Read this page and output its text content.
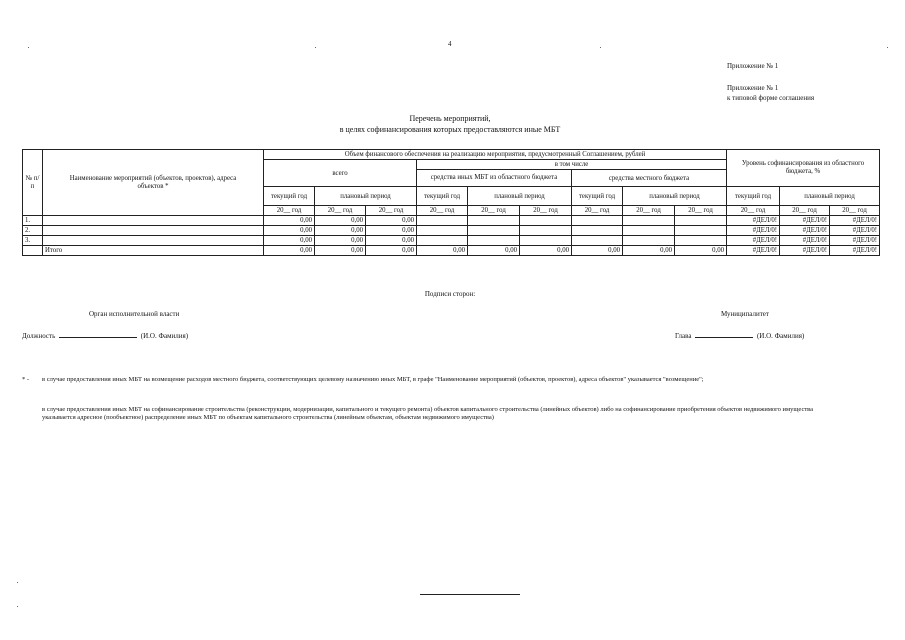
4
Приложение № 1
Приложение № 1
к типовой форме соглашения
Перечень мероприятий,
в целях софинансирования которых предоставляются иные МБТ
№ п/п	Наименование мероприятий (объектов, проектов), адреса объектов *	Объем финансового обеспечения на реализацию мероприятия, предусмотренный Соглашением, рублей									Уровень софинансирования из областного бюджета, %		
		всего			в том числе								
					средства иных МБТ из областного бюджета			средства местного бюджета					
		текущий год	плановый период		текущий год	плановый период		текущий год	плановый период		текущий год	плановый период	
		20__ год	20__ год	20__ год	20__ год	20__ год	20__ год	20__ год	20__ год	20__ год	20__ год	20__ год	20__ год
1.		0,00	0,00	0,00							#ДЕЛ/0!	#ДЕЛ/0!	#ДЕЛ/0!
2.		0,00	0,00	0,00							#ДЕЛ/0!	#ДЕЛ/0!	#ДЕЛ/0!
3.		0,00	0,00	0,00							#ДЕЛ/0!	#ДЕЛ/0!	#ДЕЛ/0!
	Итого	0,00	0,00	0,00	0,00	0,00	0,00	0,00	0,00	0,00	#ДЕЛ/0!	#ДЕЛ/0!	#ДЕЛ/0!
Подписи сторон:
Орган исполнительной власти
Должность	(И.О. Фамилия)
Муниципалитет
Глава	(И.О. Фамилия)
* -	в случае предоставления иных МБТ на возмещение расходов местного бюджета, соответствующих целевому назначению иных МБТ, в графе "Наименование мероприятий (объектов, проектов), адреса объектов" указывается "возмещение";
в случае предоставления иных МБТ на софинансирование строительства (реконструкции, модернизации, капитального и текущего ремонта) объектов капитального строительства (линейных объектов) либо на софинансирование приобретения объектов недвижимого имущества указывается адресное (пообъектное) распределение иных МБТ по объектам капитального строительства (линейным объектам, объектам недвижимого имущества)
